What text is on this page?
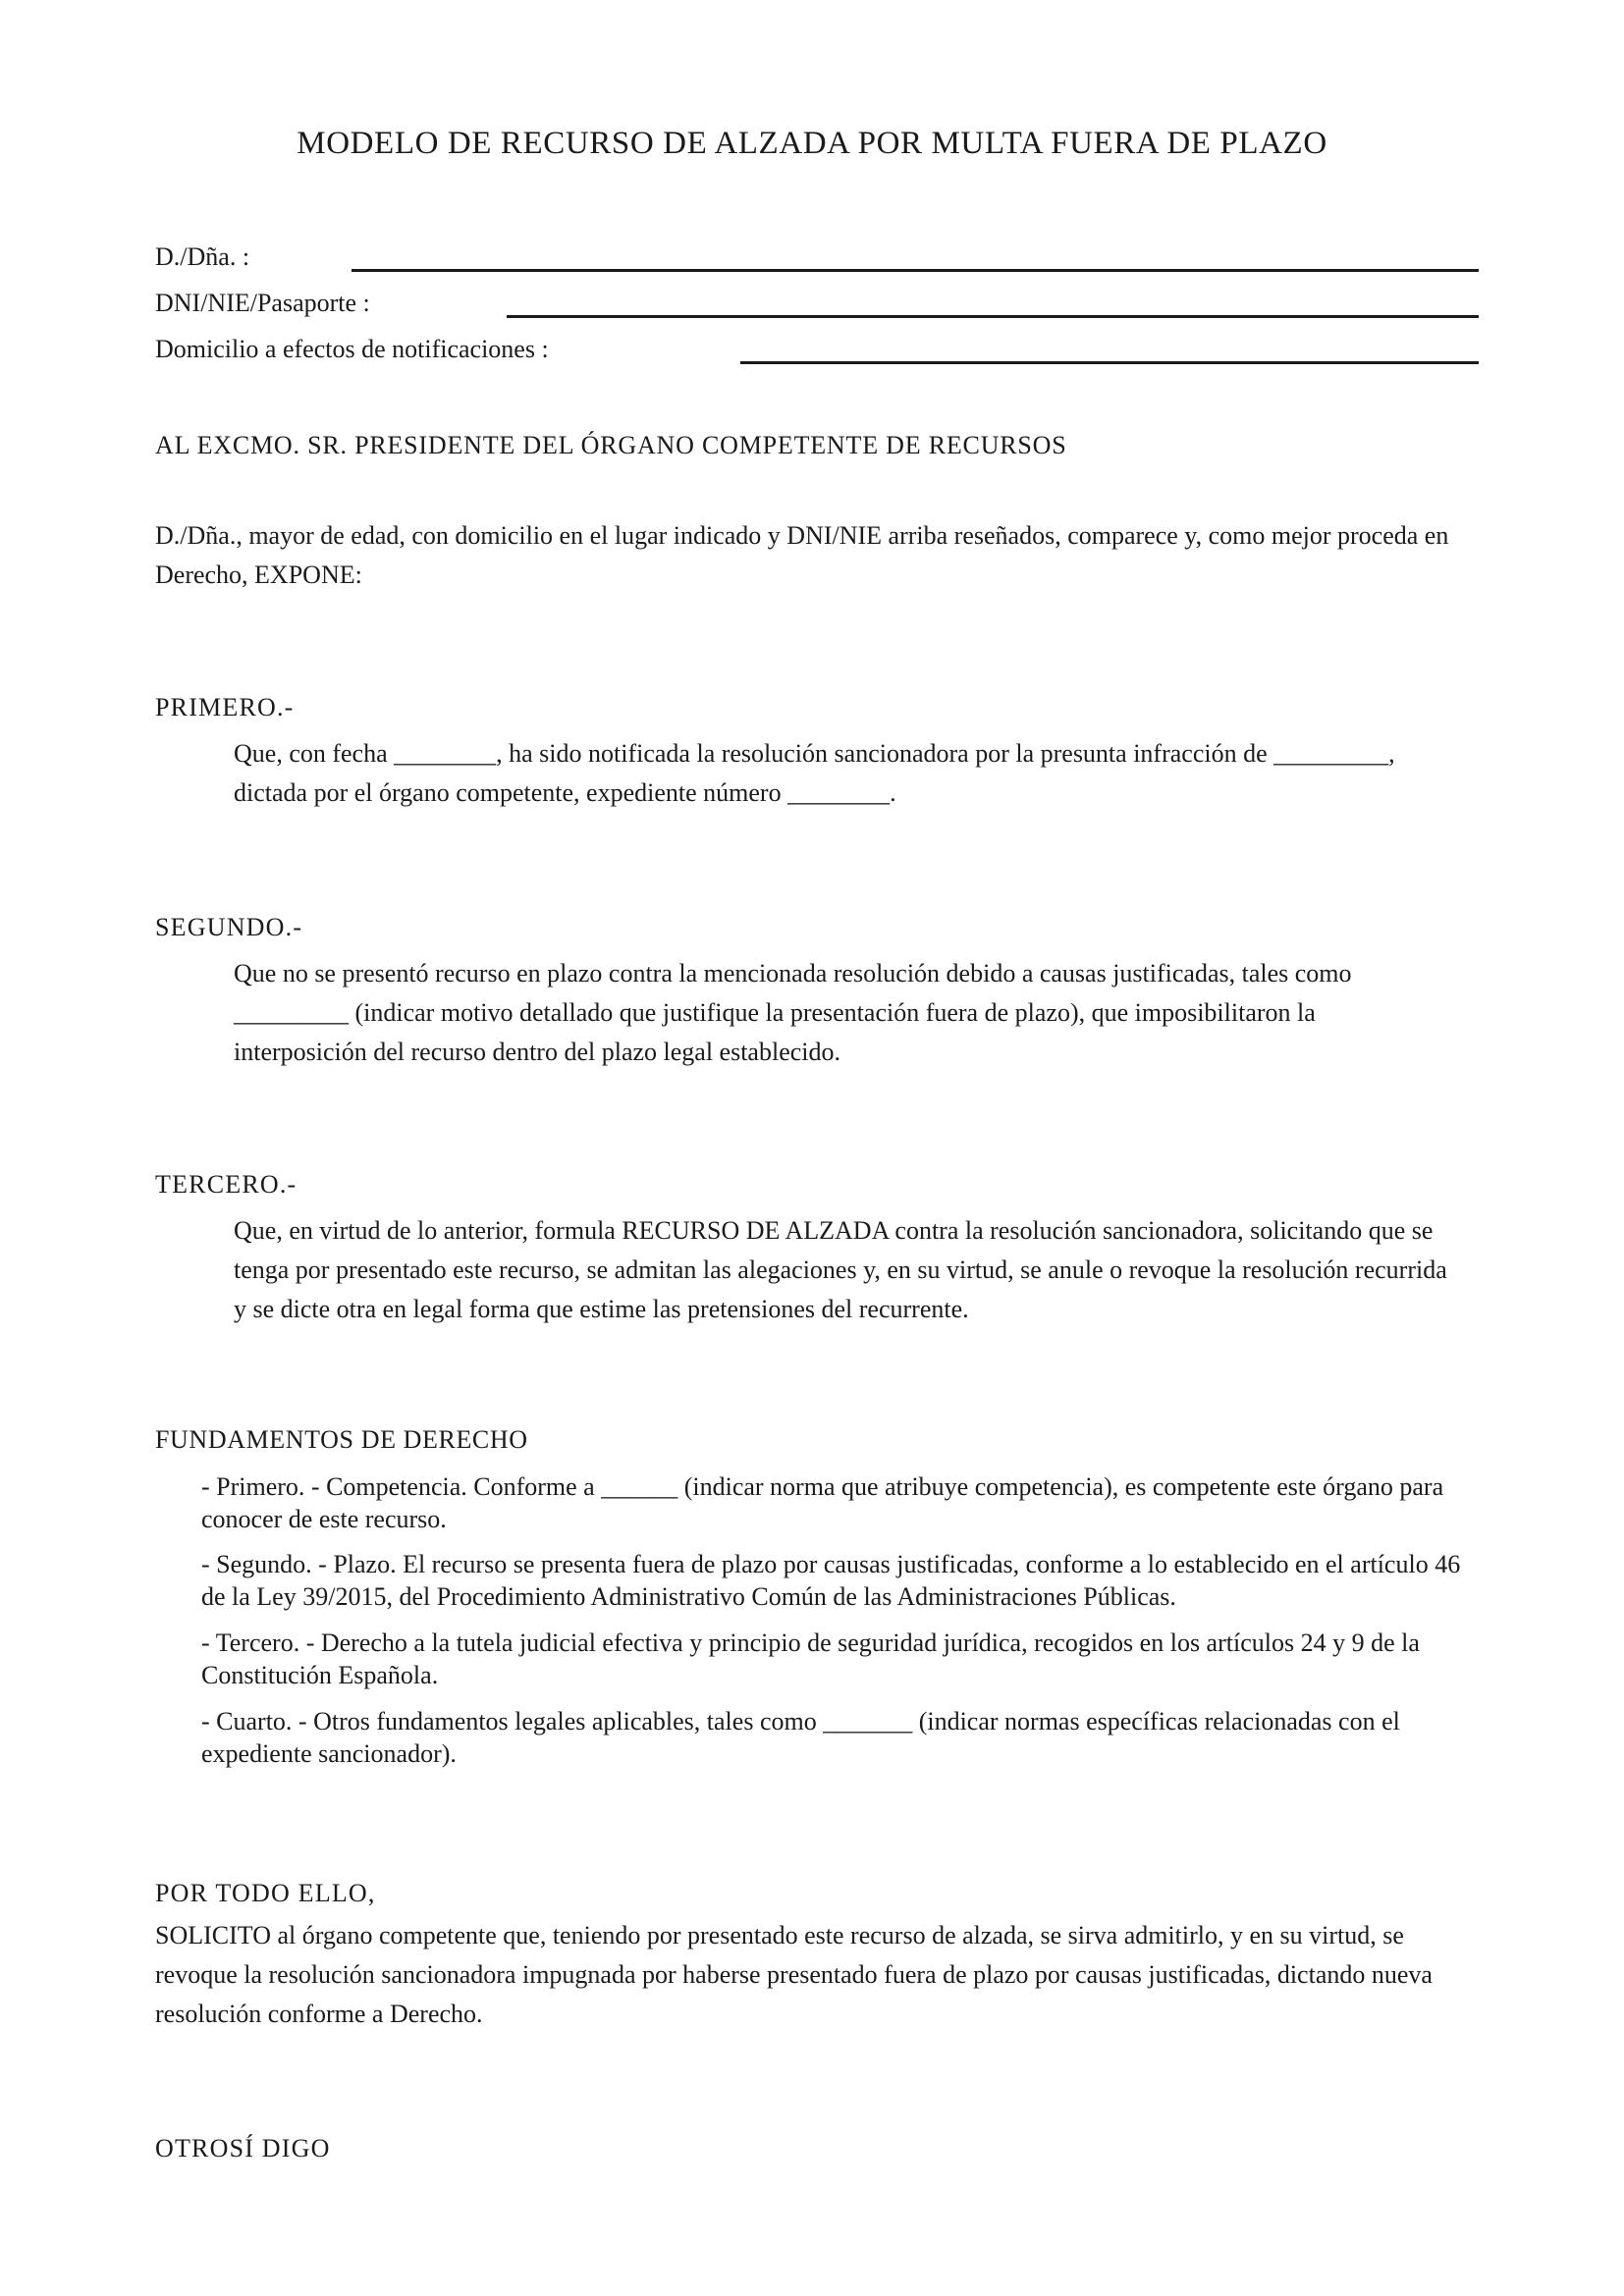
MODELO DE RECURSO DE ALZADA POR MULTA FUERA DE PLAZO
D./Dña. :
DNI/NIE/Pasaporte :
Domicilio a efectos de notificaciones :
AL EXCMO. SR. PRESIDENTE DEL ÓRGANO COMPETENTE DE RECURSOS

D./Dña., mayor de edad, con domicilio en el lugar indicado y DNI/NIE arriba reseñados, comparece y, como mejor proceda en Derecho, EXPONE:

PRIMERO.-

Que, con fecha ________, ha sido notificada la resolución sancionadora por la presunta infracción de _________, dictada por el órgano competente, expediente número ________.

SEGUNDO.-

Que no se presentó recurso en plazo contra la mencionada resolución debido a causas justificadas, tales como _________ (indicar motivo detallado que justifique la presentación fuera de plazo), que imposibilitaron la interposición del recurso dentro del plazo legal establecido.

TERCERO.-

Que, en virtud de lo anterior, formula RECURSO DE ALZADA contra la resolución sancionadora, solicitando que se tenga por presentado este recurso, se admitan las alegaciones y, en su virtud, se anule o revoque la resolución recurrida y se dicte otra en legal forma que estime las pretensiones del recurrente.

FUNDAMENTOS DE DERECHO

- Primero. - Competencia. Conforme a ______ (indicar norma que atribuye competencia), es competente este órgano para conocer de este recurso.

- Segundo. - Plazo. El recurso se presenta fuera de plazo por causas justificadas, conforme a lo establecido en el artículo 46 de la Ley 39/2015, del Procedimiento Administrativo Común de las Administraciones Públicas.

- Tercero. - Derecho a la tutela judicial efectiva y principio de seguridad jurídica, recogidos en los artículos 24 y 9 de la Constitución Española.

- Cuarto. - Otros fundamentos legales aplicables, tales como _______ (indicar normas específicas relacionadas con el expediente sancionador).

POR TODO ELLO,

SOLICITO al órgano competente que, teniendo por presentado este recurso de alzada, se sirva admitirlo, y en su virtud, se revoque la resolución sancionadora impugnada por haberse presentado fuera de plazo por causas justificadas, dictando nueva resolución conforme a Derecho.

OTROSÍ DIGO
